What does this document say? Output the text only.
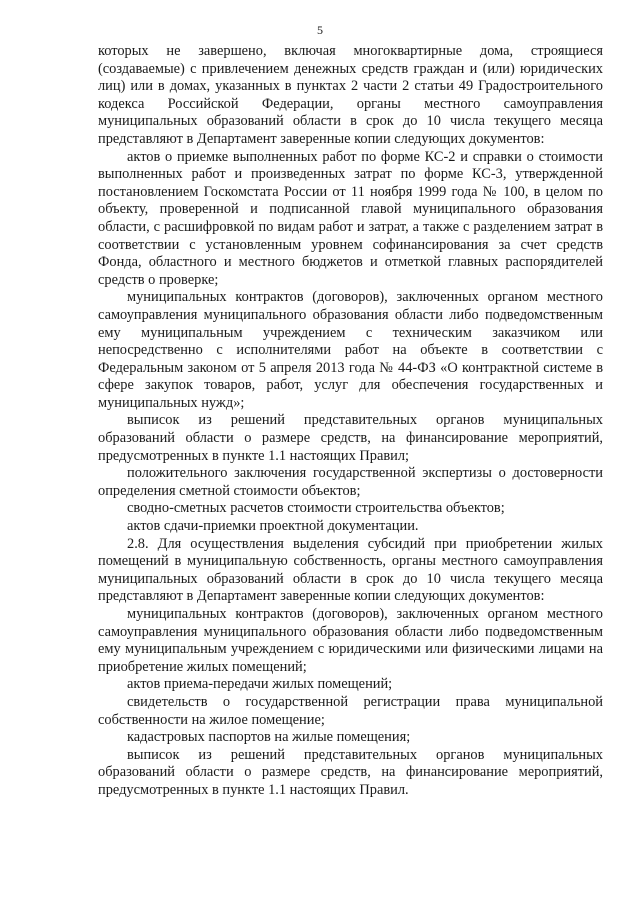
5

которых не завершено, включая многоквартирные дома, строящиеся (создаваемые) с привлечением денежных средств граждан и (или) юридических лиц) или в домах, указанных в пунктах 2 части 2 статьи 49 Градостроительного кодекса Российской Федерации, органы местного самоуправления муниципальных образований области в срок до 10 числа текущего месяца представляют в Департамент заверенные копии следующих документов:

актов о приемке выполненных работ по форме КС-2 и справки о стоимости выполненных работ и произведенных затрат по форме КС-3, утвержденной постановлением Госкомстата России от 11 ноября 1999 года № 100, в целом по объекту, проверенной и подписанной главой муниципального образования области, с расшифровкой по видам работ и затрат, а также с разделением затрат в соответствии с установленным уровнем софинансирования за счет средств Фонда, областного и местного бюджетов и отметкой главных распорядителей средств о проверке;

муниципальных контрактов (договоров), заключенных органом местного самоуправления муниципального образования области либо подведомственным ему муниципальным учреждением с техническим заказчиком или непосредственно с исполнителями работ на объекте в соответствии с Федеральным законом от 5 апреля 2013 года № 44-ФЗ «О контрактной системе в сфере закупок товаров, работ, услуг для обеспечения государственных и муниципальных нужд»;

выписок из решений представительных органов муниципальных образований области о размере средств, на финансирование мероприятий, предусмотренных в пункте 1.1 настоящих Правил;

положительного заключения государственной экспертизы о достоверности определения сметной стоимости объектов;

сводно-сметных расчетов стоимости строительства объектов;

актов сдачи-приемки проектной документации.

2.8. Для осуществления выделения субсидий при приобретении жилых помещений в муниципальную собственность, органы местного самоуправления муниципальных образований области в срок до 10 числа текущего месяца представляют в Департамент заверенные копии следующих документов:

муниципальных контрактов (договоров), заключенных органом местного самоуправления муниципального образования области либо подведомственным ему муниципальным учреждением с юридическими или физическими лицами на приобретение жилых помещений;

актов приема-передачи жилых помещений;

свидетельств о государственной регистрации права муниципальной собственности на жилое помещение;

кадастровых паспортов на жилые помещения;

выписок из решений представительных органов муниципальных образований области о размере средств, на финансирование мероприятий, предусмотренных в пункте 1.1 настоящих Правил.
